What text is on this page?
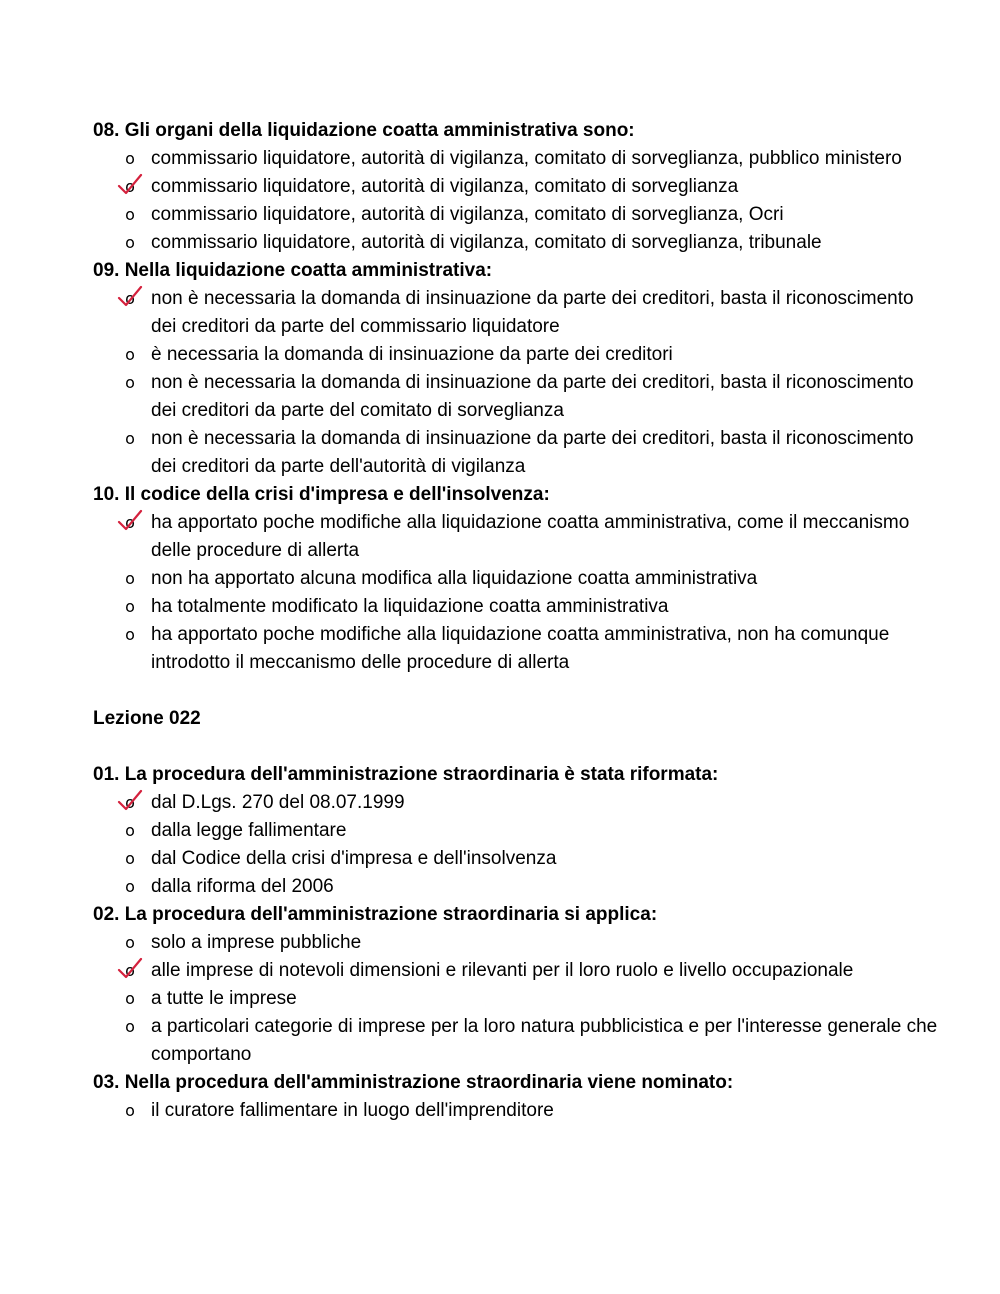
08. Gli organi della liquidazione coatta amministrativa sono:

o commissario liquidatore, autorità di vigilanza, comitato di sorveglianza, pubblico ministero
o commissario liquidatore, autorità di vigilanza, comitato di sorveglianza
o commissario liquidatore, autorità di vigilanza, comitato di sorveglianza, Ocri
o commissario liquidatore, autorità di vigilanza, comitato di sorveglianza, tribunale

09. Nella liquidazione coatta amministrativa:

o non è necessaria la domanda di insinuazione da parte dei creditori, basta il riconoscimento dei creditori da parte del commissario liquidatore
o è necessaria la domanda di insinuazione da parte dei creditori
o non è necessaria la domanda di insinuazione da parte dei creditori, basta il riconoscimento dei creditori da parte del comitato di sorveglianza
o non è necessaria la domanda di insinuazione da parte dei creditori, basta il riconoscimento dei creditori da parte dell'autorità di vigilanza

10. Il codice della crisi d'impresa e dell'insolvenza:

o ha apportato poche modifiche alla liquidazione coatta amministrativa, come il meccanismo delle procedure di allerta
o non ha apportato alcuna modifica alla liquidazione coatta amministrativa
o ha totalmente modificato la liquidazione coatta amministrativa
o ha apportato poche modifiche alla liquidazione coatta amministrativa, non ha comunque introdotto il meccanismo delle procedure di allerta
Lezione 022

01. La procedura dell'amministrazione straordinaria è stata riformata:

o dal D.Lgs. 270 del 08.07.1999
o dalla legge fallimentare
o dal Codice della crisi d'impresa e dell'insolvenza
o dalla riforma del 2006

02. La procedura dell'amministrazione straordinaria si applica:

o solo a imprese pubbliche
o alle imprese di notevoli dimensioni e rilevanti per il loro ruolo e livello occupazionale
o a tutte le imprese
o a particolari categorie di imprese per la loro natura pubblicistica e per l'interesse generale che comportano

03. Nella procedura dell'amministrazione straordinaria viene nominato:

o il curatore fallimentare in luogo dell'imprenditore
